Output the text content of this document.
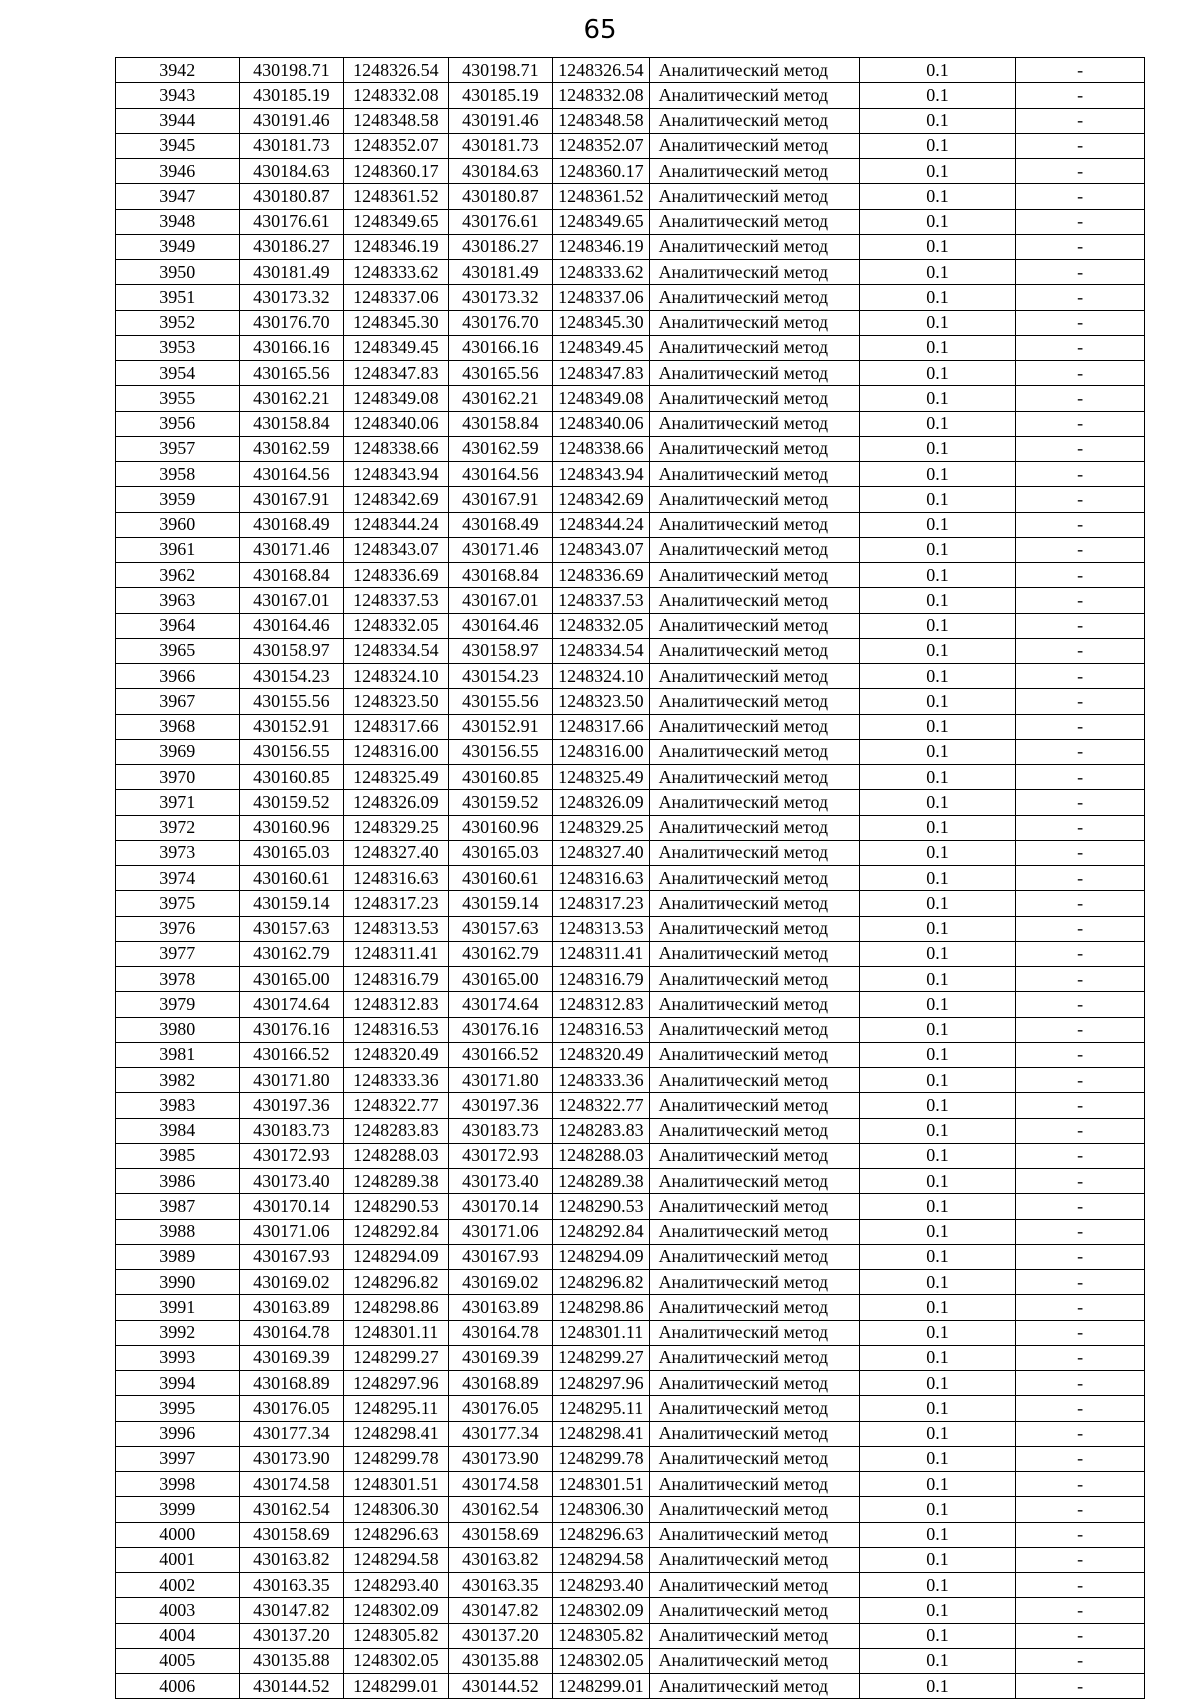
65
3942	430198.71	1248326.54	430198.71	1248326.54	Аналитический метод	0.1	-
3943	430185.19	1248332.08	430185.19	1248332.08	Аналитический метод	0.1	-
3944	430191.46	1248348.58	430191.46	1248348.58	Аналитический метод	0.1	-
3945	430181.73	1248352.07	430181.73	1248352.07	Аналитический метод	0.1	-
3946	430184.63	1248360.17	430184.63	1248360.17	Аналитический метод	0.1	-
3947	430180.87	1248361.52	430180.87	1248361.52	Аналитический метод	0.1	-
3948	430176.61	1248349.65	430176.61	1248349.65	Аналитический метод	0.1	-
3949	430186.27	1248346.19	430186.27	1248346.19	Аналитический метод	0.1	-
3950	430181.49	1248333.62	430181.49	1248333.62	Аналитический метод	0.1	-
3951	430173.32	1248337.06	430173.32	1248337.06	Аналитический метод	0.1	-
3952	430176.70	1248345.30	430176.70	1248345.30	Аналитический метод	0.1	-
3953	430166.16	1248349.45	430166.16	1248349.45	Аналитический метод	0.1	-
3954	430165.56	1248347.83	430165.56	1248347.83	Аналитический метод	0.1	-
3955	430162.21	1248349.08	430162.21	1248349.08	Аналитический метод	0.1	-
3956	430158.84	1248340.06	430158.84	1248340.06	Аналитический метод	0.1	-
3957	430162.59	1248338.66	430162.59	1248338.66	Аналитический метод	0.1	-
3958	430164.56	1248343.94	430164.56	1248343.94	Аналитический метод	0.1	-
3959	430167.91	1248342.69	430167.91	1248342.69	Аналитический метод	0.1	-
3960	430168.49	1248344.24	430168.49	1248344.24	Аналитический метод	0.1	-
3961	430171.46	1248343.07	430171.46	1248343.07	Аналитический метод	0.1	-
3962	430168.84	1248336.69	430168.84	1248336.69	Аналитический метод	0.1	-
3963	430167.01	1248337.53	430167.01	1248337.53	Аналитический метод	0.1	-
3964	430164.46	1248332.05	430164.46	1248332.05	Аналитический метод	0.1	-
3965	430158.97	1248334.54	430158.97	1248334.54	Аналитический метод	0.1	-
3966	430154.23	1248324.10	430154.23	1248324.10	Аналитический метод	0.1	-
3967	430155.56	1248323.50	430155.56	1248323.50	Аналитический метод	0.1	-
3968	430152.91	1248317.66	430152.91	1248317.66	Аналитический метод	0.1	-
3969	430156.55	1248316.00	430156.55	1248316.00	Аналитический метод	0.1	-
3970	430160.85	1248325.49	430160.85	1248325.49	Аналитический метод	0.1	-
3971	430159.52	1248326.09	430159.52	1248326.09	Аналитический метод	0.1	-
3972	430160.96	1248329.25	430160.96	1248329.25	Аналитический метод	0.1	-
3973	430165.03	1248327.40	430165.03	1248327.40	Аналитический метод	0.1	-
3974	430160.61	1248316.63	430160.61	1248316.63	Аналитический метод	0.1	-
3975	430159.14	1248317.23	430159.14	1248317.23	Аналитический метод	0.1	-
3976	430157.63	1248313.53	430157.63	1248313.53	Аналитический метод	0.1	-
3977	430162.79	1248311.41	430162.79	1248311.41	Аналитический метод	0.1	-
3978	430165.00	1248316.79	430165.00	1248316.79	Аналитический метод	0.1	-
3979	430174.64	1248312.83	430174.64	1248312.83	Аналитический метод	0.1	-
3980	430176.16	1248316.53	430176.16	1248316.53	Аналитический метод	0.1	-
3981	430166.52	1248320.49	430166.52	1248320.49	Аналитический метод	0.1	-
3982	430171.80	1248333.36	430171.80	1248333.36	Аналитический метод	0.1	-
3983	430197.36	1248322.77	430197.36	1248322.77	Аналитический метод	0.1	-
3984	430183.73	1248283.83	430183.73	1248283.83	Аналитический метод	0.1	-
3985	430172.93	1248288.03	430172.93	1248288.03	Аналитический метод	0.1	-
3986	430173.40	1248289.38	430173.40	1248289.38	Аналитический метод	0.1	-
3987	430170.14	1248290.53	430170.14	1248290.53	Аналитический метод	0.1	-
3988	430171.06	1248292.84	430171.06	1248292.84	Аналитический метод	0.1	-
3989	430167.93	1248294.09	430167.93	1248294.09	Аналитический метод	0.1	-
3990	430169.02	1248296.82	430169.02	1248296.82	Аналитический метод	0.1	-
3991	430163.89	1248298.86	430163.89	1248298.86	Аналитический метод	0.1	-
3992	430164.78	1248301.11	430164.78	1248301.11	Аналитический метод	0.1	-
3993	430169.39	1248299.27	430169.39	1248299.27	Аналитический метод	0.1	-
3994	430168.89	1248297.96	430168.89	1248297.96	Аналитический метод	0.1	-
3995	430176.05	1248295.11	430176.05	1248295.11	Аналитический метод	0.1	-
3996	430177.34	1248298.41	430177.34	1248298.41	Аналитический метод	0.1	-
3997	430173.90	1248299.78	430173.90	1248299.78	Аналитический метод	0.1	-
3998	430174.58	1248301.51	430174.58	1248301.51	Аналитический метод	0.1	-
3999	430162.54	1248306.30	430162.54	1248306.30	Аналитический метод	0.1	-
4000	430158.69	1248296.63	430158.69	1248296.63	Аналитический метод	0.1	-
4001	430163.82	1248294.58	430163.82	1248294.58	Аналитический метод	0.1	-
4002	430163.35	1248293.40	430163.35	1248293.40	Аналитический метод	0.1	-
4003	430147.82	1248302.09	430147.82	1248302.09	Аналитический метод	0.1	-
4004	430137.20	1248305.82	430137.20	1248305.82	Аналитический метод	0.1	-
4005	430135.88	1248302.05	430135.88	1248302.05	Аналитический метод	0.1	-
4006	430144.52	1248299.01	430144.52	1248299.01	Аналитический метод	0.1	-
